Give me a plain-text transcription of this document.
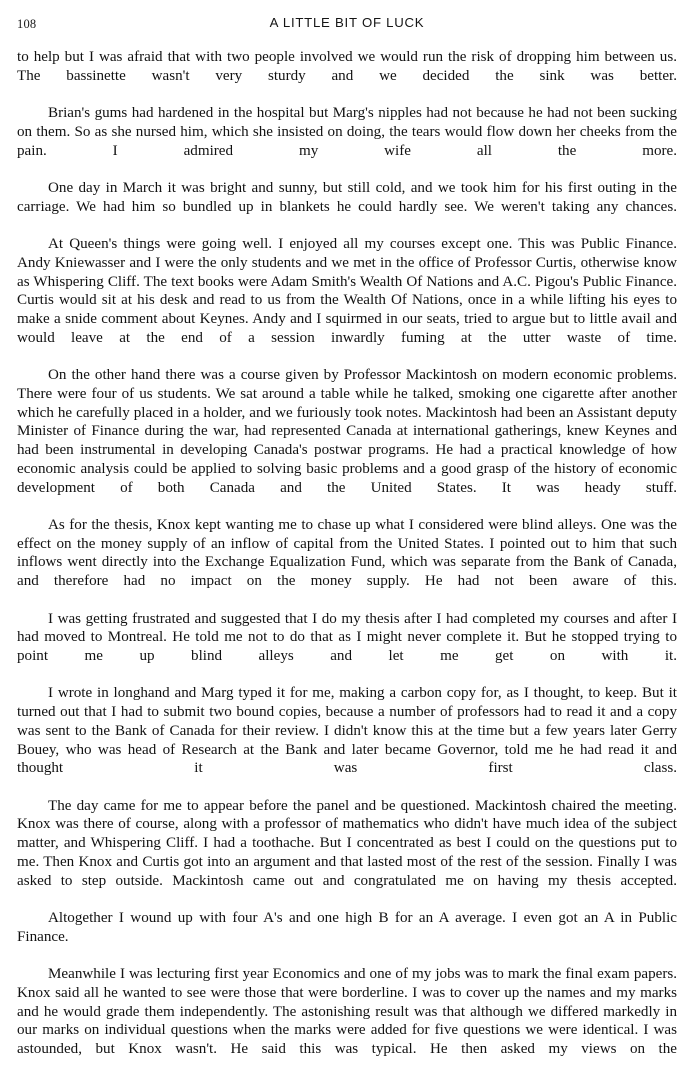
108	A LITTLE BIT OF LUCK

to help but I was afraid that with two people involved we would run the risk of dropping him between us. The bassinette wasn't very sturdy and we decided the sink was better.

Brian's gums had hardened in the hospital but Marg's nipples had not because he had not been sucking on them. So as she nursed him, which she insisted on doing, the tears would flow down her cheeks from the pain. I admired my wife all the more.

One day in March it was bright and sunny, but still cold, and we took him for his first outing in the carriage. We had him so bundled up in blankets he could hardly see. We weren't taking any chances.

At Queen's things were going well. I enjoyed all my courses except one. This was Public Finance. Andy Kniewasser and I were the only students and we met in the office of Professor Curtis, otherwise know as Whispering Cliff. The text books were Adam Smith's Wealth Of Nations and A.C. Pigou's Public Finance. Curtis would sit at his desk and read to us from the Wealth Of Nations, once in a while lifting his eyes to make a snide comment about Keynes. Andy and I squirmed in our seats, tried to argue but to little avail and would leave at the end of a session inwardly fuming at the utter waste of time.

On the other hand there was a course given by Professor Mackintosh on modern economic problems. There were four of us students. We sat around a table while he talked, smoking one cigarette after another which he carefully placed in a holder, and we furiously took notes. Mackintosh had been an Assistant deputy Minister of Finance during the war, had represented Canada at international gatherings, knew Keynes and had been instrumental in developing Canada's postwar programs. He had a practical knowledge of how economic analysis could be applied to solving basic problems and a good grasp of the history of economic development of both Canada and the United States. It was heady stuff.

As for the thesis, Knox kept wanting me to chase up what I considered were blind alleys. One was the effect on the money supply of an inflow of capital from the United States. I pointed out to him that such inflows went directly into the Exchange Equalization Fund, which was separate from the Bank of Canada, and therefore had no impact on the money supply. He had not been aware of this.

I was getting frustrated and suggested that I do my thesis after I had completed my courses and after I had moved to Montreal. He told me not to do that as I might never complete it. But he stopped trying to point me up blind alleys and let me get on with it.

I wrote in longhand and Marg typed it for me, making a carbon copy for, as I thought, to keep. But it turned out that I had to submit two bound copies, because a number of professors had to read it and a copy was sent to the Bank of Canada for their review. I didn't know this at the time but a few years later Gerry Bouey, who was head of Research at the Bank and later became Governor, told me he had read it and thought it was first class.

The day came for me to appear before the panel and be questioned. Mackintosh chaired the meeting. Knox was there of course, along with a professor of mathematics who didn't have much idea of the subject matter, and Whispering Cliff. I had a toothache. But I concentrated as best I could on the questions put to me. Then Knox and Curtis got into an argument and that lasted most of the rest of the session. Finally I was asked to step outside. Mackintosh came out and congratulated me on having my thesis accepted.

Altogether I wound up with four A's and one high B for an A average. I even got an A in Public Finance.

Meanwhile I was lecturing first year Economics and one of my jobs was to mark the final exam papers. Knox said all he wanted to see were those that were borderline. I was to cover up the names and my marks and he would grade them independently. The astonishing result was that although we differed markedly in our marks on individual questions when the marks were added for five questions we were identical. I was astounded, but Knox wasn't. He said this was typical. He then asked my views on the
